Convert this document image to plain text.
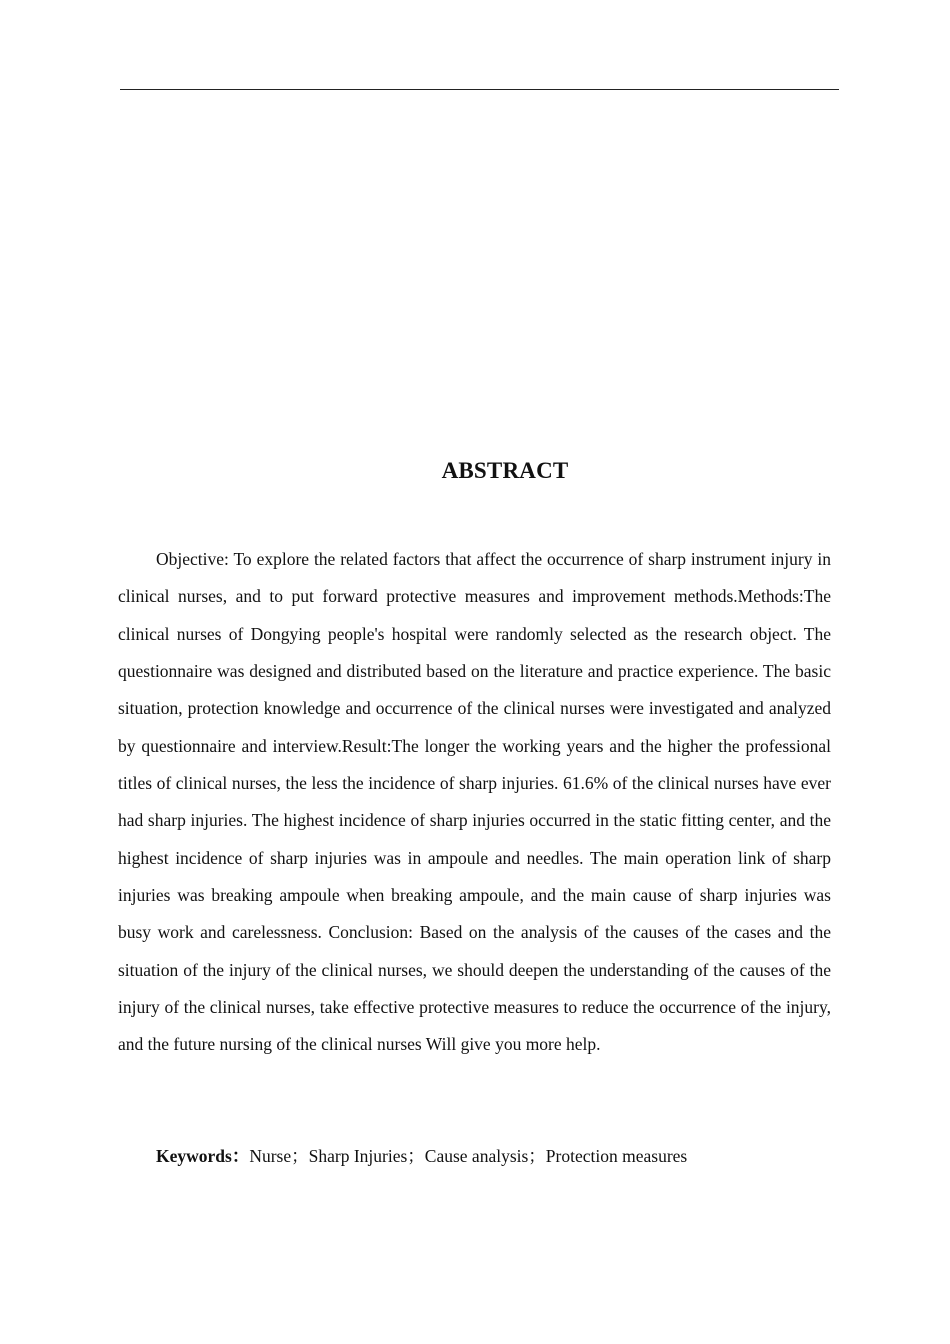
ABSTRACT

Objective: To explore the related factors that affect the occurrence of sharp instrument injury in clinical nurses, and to put forward protective measures and improvement methods.Methods:The clinical nurses of Dongying people's hospital were randomly selected as the research object. The questionnaire was designed and distributed based on the literature and practice experience. The basic situation, protection knowledge and occurrence of the clinical nurses were investigated and analyzed by questionnaire and interview.Result:The longer the working years and the higher the professional titles of clinical nurses, the less the incidence of sharp injuries. 61.6% of the clinical nurses have ever had sharp injuries. The highest incidence of sharp injuries occurred in the static fitting center, and the highest incidence of sharp injuries was in ampoule and needles. The main operation link of sharp injuries was breaking ampoule when breaking ampoule, and the main cause of sharp injuries was busy work and carelessness. Conclusion: Based on the analysis of the causes of the cases and the situation of the injury of the clinical nurses, we should deepen the understanding of the causes of the injury of the clinical nurses, take effective protective measures to reduce the occurrence of the injury, and the future nursing of the clinical nurses Will give you more help.

Keywords：Nurse；Sharp Injuries；Cause analysis；Protection measures
